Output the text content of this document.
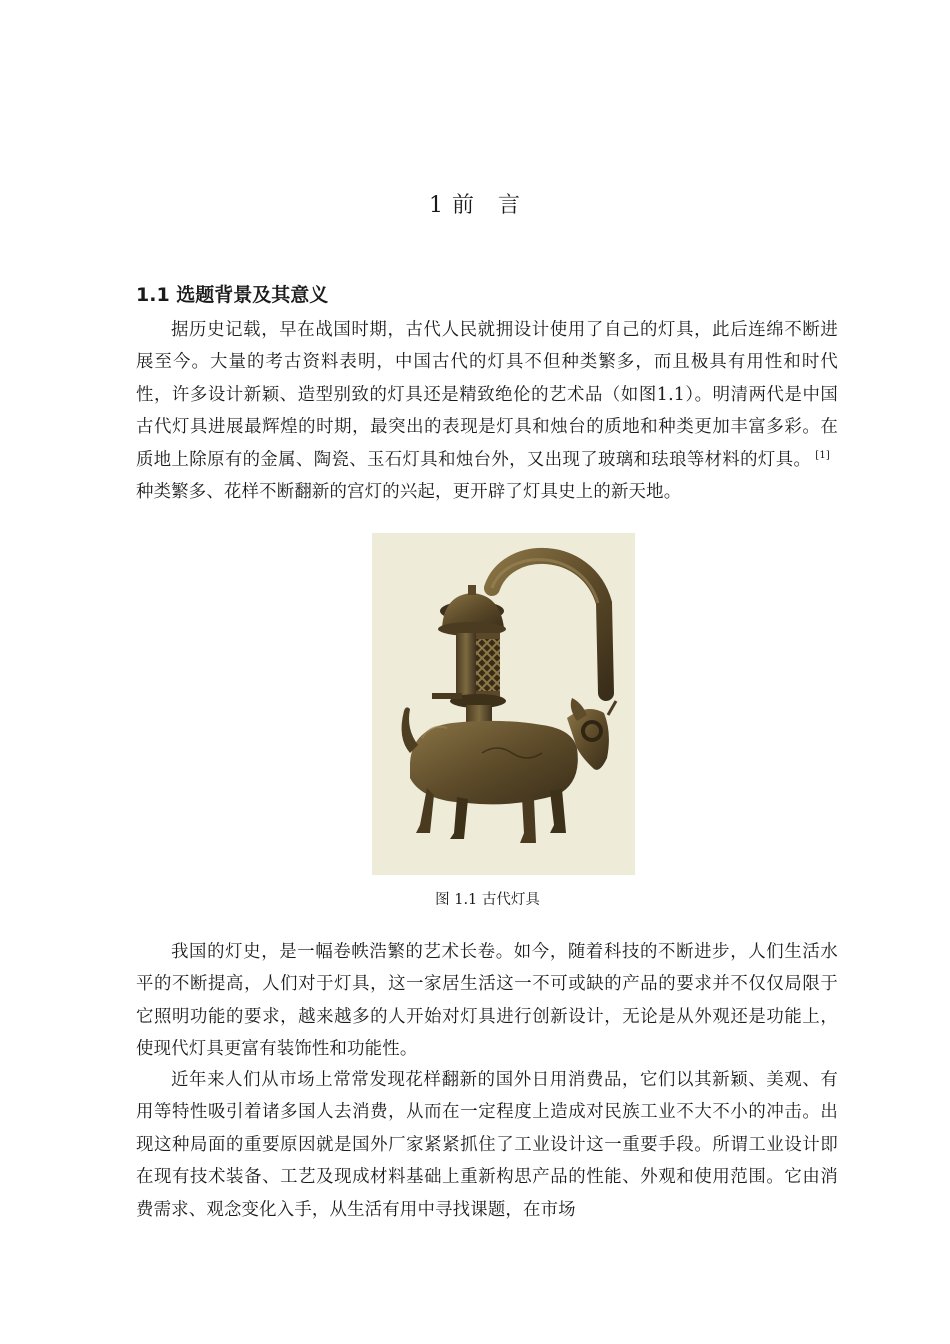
1 前　言
1.1 选题背景及其意义

据历史记载，早在战国时期，古代人民就拥设计使用了自己的灯具，此后连绵不断进展至今。大量的考古资料表明，中国古代的灯具不但种类繁多，而且极具有用性和时代性，许多设计新颖、造型别致的灯具还是精致绝伦的艺术品（如图1.1）。明清两代是中国古代灯具进展最辉煌的时期，最突出的表现是灯具和烛台的质地和种类更加丰富多彩。在质地上除原有的金属、陶瓷、玉石灯具和烛台外，又出现了玻璃和珐琅等材料的灯具。 [1]种类繁多、花样不断翻新的宫灯的兴起，更开辟了灯具史上的新天地。

图 1.1 古代灯具

我国的灯史，是一幅卷帙浩繁的艺术长卷。如今，随着科技的不断进步，人们生活水平的不断提高，人们对于灯具，这一家居生活这一不可或缺的产品的要求并不仅仅局限于它照明功能的要求，越来越多的人开始对灯具进行创新设计，无论是从外观还是功能上，使现代灯具更富有装饰性和功能性。

近年来人们从市场上常常发现花样翻新的国外日用消费品，它们以其新颖、美观、有用等特性吸引着诸多国人去消费，从而在一定程度上造成对民族工业不大不小的冲击。出现这种局面的重要原因就是国外厂家紧紧抓住了工业设计这一重要手段。所谓工业设计即在现有技术装备、工艺及现成材料基础上重新构思产品的性能、外观和使用范围。它由消费需求、观念变化入手，从生活有用中寻找课题，在市场
